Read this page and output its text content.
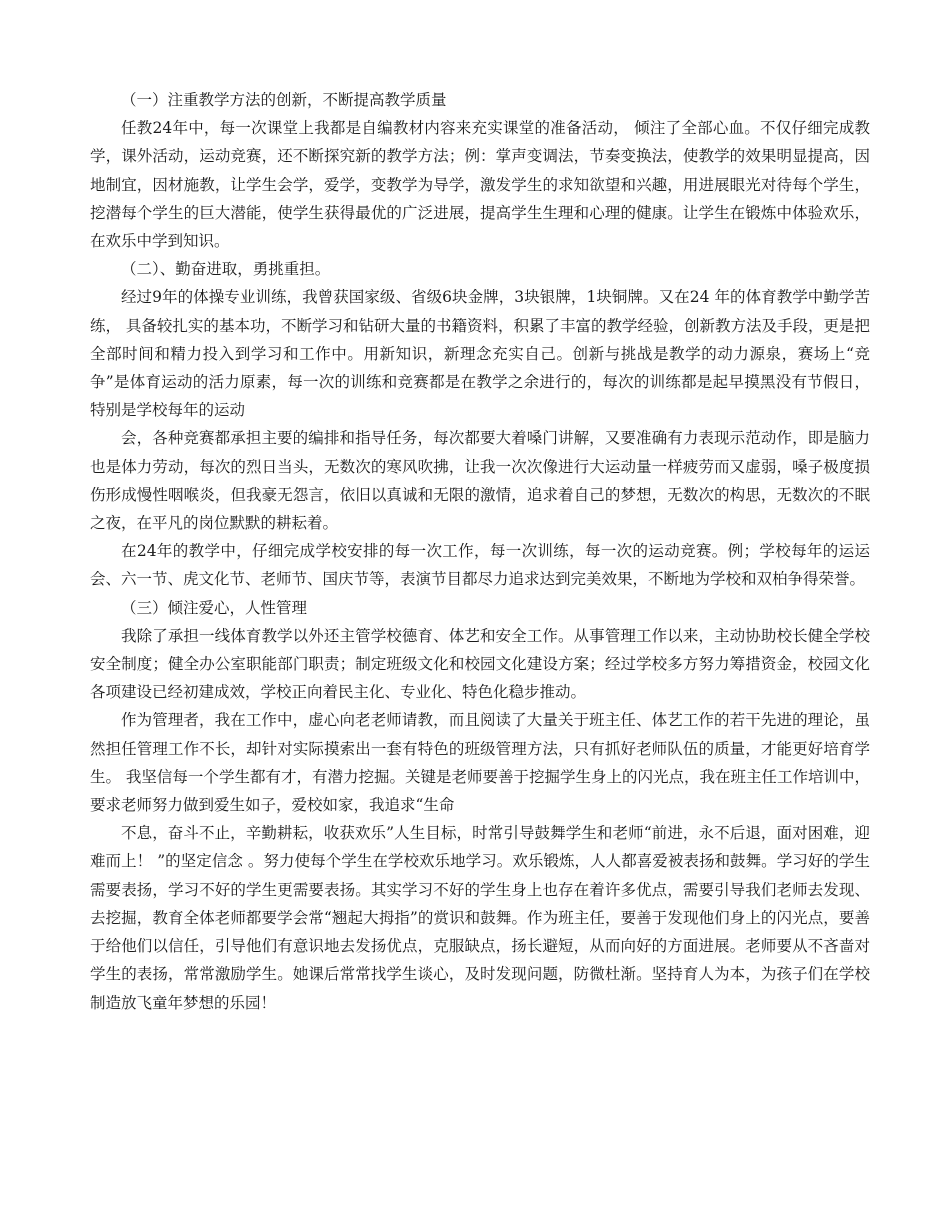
（一）注重教学方法的创新，不断提高教学质量

任教24年中，每一次课堂上我都是自编教材内容来充实课堂的准备活动， 倾注了全部心血。不仅仔细完成教学，课外活动，运动竞赛，还不断探究新的教学方法；例：掌声变调法，节奏变换法，使教学的效果明显提高，因地制宜，因材施教，让学生会学，爱学，变教学为导学，激发学生的求知欲望和兴趣，用进展眼光对待每个学生，挖潜每个学生的巨大潜能，使学生获得最优的广泛进展，提高学生生理和心理的健康。让学生在锻炼中体验欢乐，在欢乐中学到知识。

（二）、勤奋进取，勇挑重担。

经过9年的体操专业训练，我曾获国家级、省级6块金牌，3块银牌，1块铜牌。又在24 年的体育教学中勤学苦练， 具备较扎实的基本功，不断学习和钻研大量的书籍资料，积累了丰富的教学经验，创新教方法及手段，更是把全部时间和精力投入到学习和工作中。用新知识，新理念充实自己。创新与挑战是教学的动力源泉，赛场上“竞争”是体育运动的活力原素，每一次的训练和竞赛都是在教学之余进行的，每次的训练都是起早摸黑没有节假日，特别是学校每年的运动

会，各种竞赛都承担主要的编排和指导任务，每次都要大着嗓门讲解，又要准确有力表现示范动作，即是脑力也是体力劳动，每次的烈日当头，无数次的寒风吹拂，让我一次次像进行大运动量一样疲劳而又虚弱，嗓子极度损伤形成慢性咽喉炎，但我豪无怨言，依旧以真诚和无限的激情，追求着自己的梦想，无数次的构思，无数次的不眠之夜，在平凡的岗位默默的耕耘着。

在24年的教学中，仔细完成学校安排的每一次工作，每一次训练，每一次的运动竞赛。例；学校每年的运运会、六一节、虎文化节、老师节、国庆节等，表演节目都尽力追求达到完美效果，不断地为学校和双柏争得荣誉。

（三）倾注爱心，人性管理

我除了承担一线体育教学以外还主管学校德育、体艺和安全工作。从事管理工作以来，主动协助校长健全学校安全制度；健全办公室职能部门职责；制定班级文化和校园文化建设方案；经过学校多方努力筹措资金，校园文化各项建设已经初建成效，学校正向着民主化、专业化、特色化稳步推动。

作为管理者，我在工作中，虚心向老老师请教，而且阅读了大量关于班主任、体艺工作的若干先进的理论，虽然担任管理工作不长，却针对实际摸索出一套有特色的班级管理方法，只有抓好老师队伍的质量，才能更好培育学生。 我坚信每一个学生都有才，有潜力挖掘。关键是老师要善于挖掘学生身上的闪光点，我在班主任工作培训中，要求老师努力做到爱生如子，爱校如家，我追求“生命

不息，奋斗不止，辛勤耕耘，收获欢乐”人生目标，时常引导鼓舞学生和老师“前进，永不后退，面对困难，迎难而上！ ”的坚定信念 。努力使每个学生在学校欢乐地学习。欢乐锻炼，人人都喜爱被表扬和鼓舞。学习好的学生需要表扬，学习不好的学生更需要表扬。其实学习不好的学生身上也存在着许多优点，需要引导我们老师去发现、去挖掘，教育全体老师都要学会常“翘起大拇指”的赏识和鼓舞。作为班主任，要善于发现他们身上的闪光点，要善于给他们以信任，引导他们有意识地去发扬优点，克服缺点，扬长避短，从而向好的方面进展。老师要从不吝啬对学生的表扬，常常激励学生。她课后常常找学生谈心，及时发现问题，防微杜渐。坚持育人为本，为孩子们在学校制造放飞童年梦想的乐园！
